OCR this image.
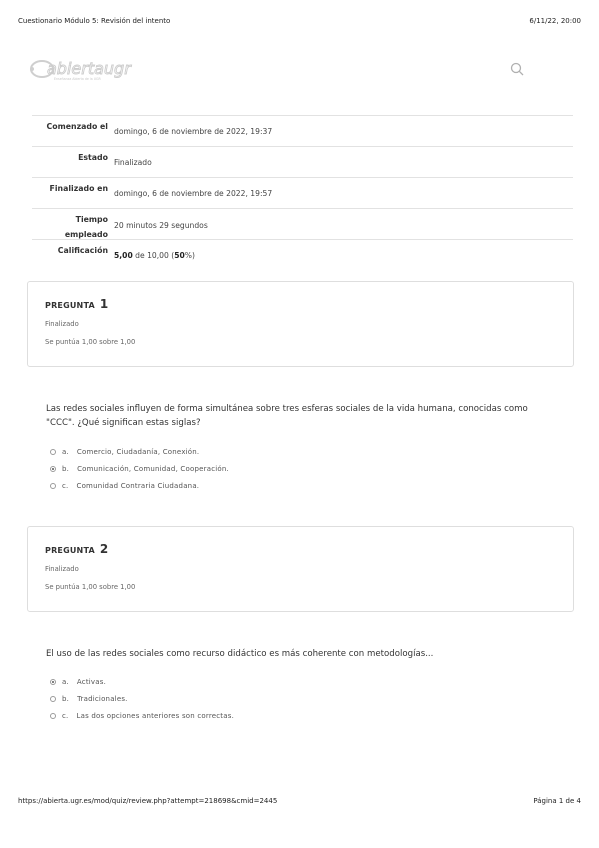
Cuestionario Módulo 5: Revisión del intento	6/11/22, 20:00
abiertaugr
Enseñanza Abierta de la UGR
Comenzado el
domingo, 6 de noviembre de 2022, 19:37
Estado
Finalizado
Finalizado en
domingo, 6 de noviembre de 2022, 19:57
Tiempo empleado
20 minutos 29 segundos
Calificación
5,00 de 10,00 (50%)
PREGUNTA 1
Finalizado
Se puntúa 1,00 sobre 1,00
Las redes sociales influyen de forma simultánea sobre tres esferas sociales de la vida humana, conocidas como "CCC". ¿Qué significan estas siglas?
a. Comercio, Ciudadanía, Conexión.
b. Comunicación, Comunidad, Cooperación.
c. Comunidad Contraria Ciudadana.
PREGUNTA 2
Finalizado
Se puntúa 1,00 sobre 1,00
El uso de las redes sociales como recurso didáctico es más coherente con metodologías...
a. Activas.
b. Tradicionales.
c. Las dos opciones anteriores son correctas.
https://abierta.ugr.es/mod/quiz/review.php?attempt=218698&cmid=2445	Página 1 de 4
